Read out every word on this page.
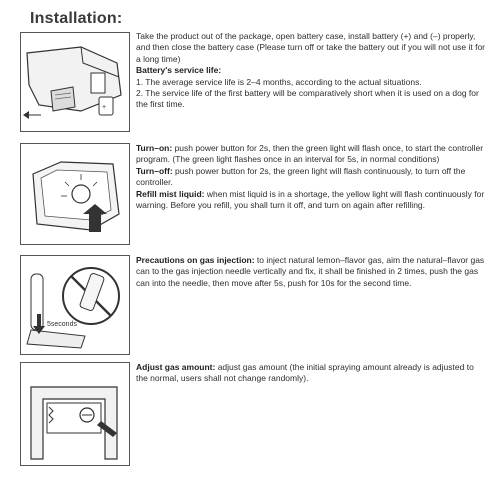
Installation:
+
5seconds

Take the product out of the package, open battery case, install battery (+) and (–) properly, and then close the battery case (Please turn off or take the battery out if you will not use it for a long time)

Battery's service life:

1. The average service life is 2–4 months, according to the actual situations.

2. The service life of the first battery will be comparatively short when it is used on a dog for the first time.

Turn–on: push power button for 2s, then the green light will flash once, to start the controller program. (The green light flashes once in an interval for 5s, in normal conditions)

Turn–off: push power button for 2s, the green light will flash continuously, to turn off the controller.

Refill mist liquid: when mist liquid is in a shortage, the yellow light will flash continuously for warning. Before you refill, you shall turn it off, and turn on again after refilling.

Precautions on gas injection: to inject natural lemon–flavor gas, aim the natural–flavor gas can to the gas injection needle vertically and fix, it shall be finished in 2 times, push the gas can into the needle, then move after 5s, push for 10s for the second time.

Adjust gas amount: adjust gas amount (the initial spraying amount already is adjusted to the normal, users shall not change randomly).
